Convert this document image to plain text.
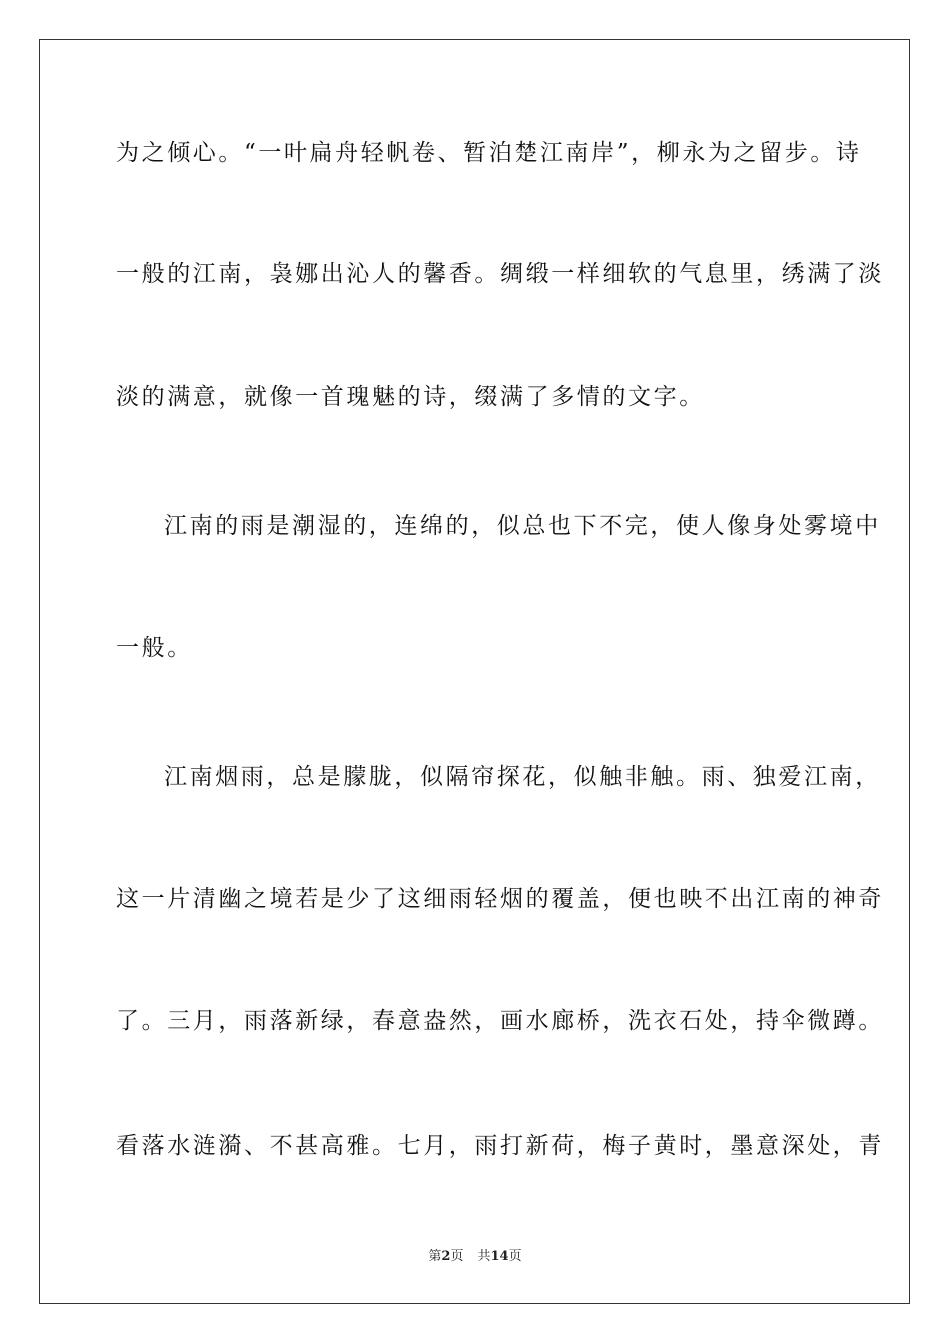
为之倾心。“一叶扁舟轻帆卷、暂泊楚江南岸”，柳永为之留步。诗
一般的江南，袅娜出沁人的馨香。绸缎一样细软的气息里，绣满了淡
淡的满意，就像一首瑰魅的诗，缀满了多情的文字。
江南的雨是潮湿的，连绵的，似总也下不完，使人像身处雾境中
一般。
江南烟雨，总是朦胧，似隔帘探花，似触非触。雨、独爱江南，
这一片清幽之境若是少了这细雨轻烟的覆盖，便也映不出江南的神奇
了。三月，雨落新绿，春意盎然，画水廊桥，洗衣石处，持伞微蹲。
看落水涟漪、不甚高雅。七月，雨打新荷，梅子黄时，墨意深处，青
第2页 共14页
